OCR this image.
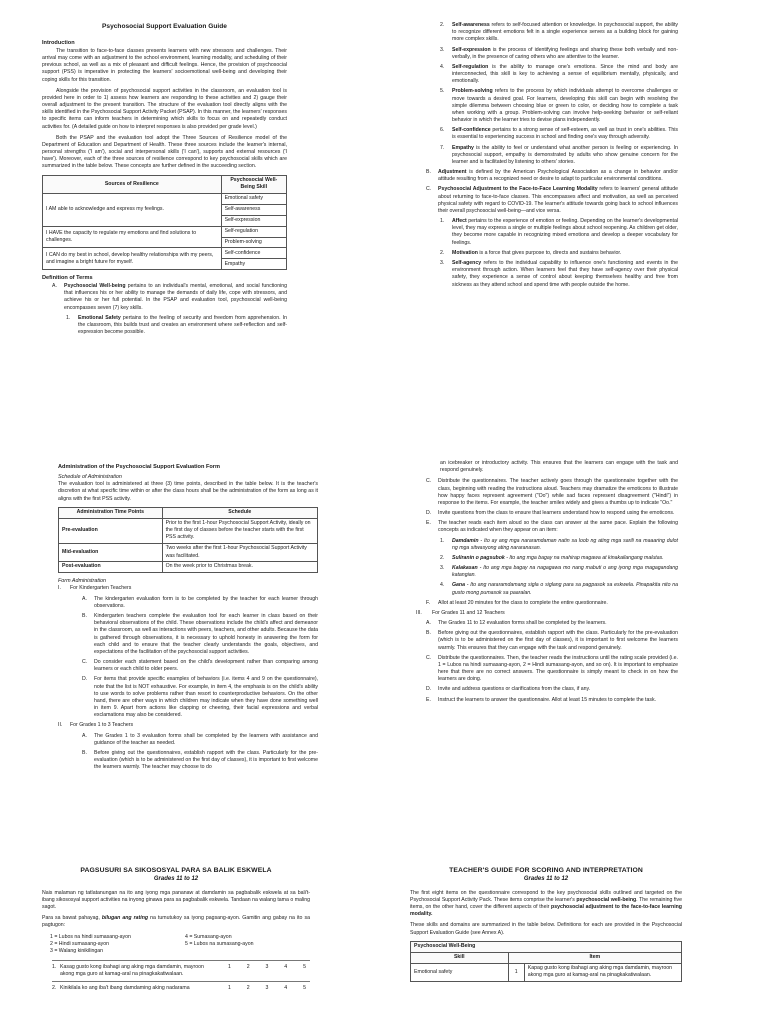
Psychosocial Support Evaluation Guide
Introduction

The transition to face-to-face classes presents learners with new stressors and challenges. Their arrival may come with an adjustment to the school environment, learning modality, and scheduling of their previous school, as well as a mix of pleasant and difficult feelings. Hence, the provision of psychosocial support (PSS) is imperative in protecting the learners' socioemotional well-being and developing their coping skills for this transition.

Alongside the provision of psychosocial support activities in the classroom, an evaluation tool is provided here in order to 1) assess how learners are responding to these activities and 2) gauge their overall adjustment to the present transition. The structure of the evaluation tool directly aligns with the skills identified in the Psychosocial Support Activity Packet (PSAP). In this manner, the learners' responses to specific items can inform teachers in determining which skills to focus on and repeatedly conduct activities for. (A detailed guide on how to interpret responses is also provided per grade level.)

Both the PSAP and the evaluation tool adopt the Three Sources of Resilience model of the Department of Education and Department of Health. These three sources include the learner's internal, personal strengths ('I am'), social and interpersonal skills ('I can'), supports and external resources ('I have'). Moreover, each of the three sources of resilience correspond to key psychosocial skills which are summarized in the table below. These concepts are further defined in the succeeding section.

Sources of Resilience	Psychosocial Well-Being Skill
I AM able to acknowledge and express my feelings.	Emotional safety
	Self-awareness
	Self-expression
I HAVE the capacity to regulate my emotions and find solutions to challenges.	Self-regulation
	Problem-solving
I CAN do my best in school, develop healthy relationships with my peers, and imagine a bright future for myself.	Self-confidence
	Empathy
Definition of Terms
A.	Psychosocial Well-being pertains to an individual's mental, emotional, and social functioning that influences his or her ability to manage the demands of daily life, cope with stressors, and achieve his or her full potential. In the PSAP and evaluation tool, psychosocial well-being encompasses seven (7) key skills.
1.	Emotional Safety pertains to the feeling of security and freedom from apprehension. In the classroom, this builds trust and creates an environment where self-reflection and self-expression become possible.
2.	Self-awareness refers to self-focused attention or knowledge. In psychosocial support, the ability to recognize different emotions felt in a single experience serves as a building block for gaining more complex skills.
3.	Self-expression is the process of identifying feelings and sharing these both verbally and non-verbally, in the presence of caring others who are attentive to the learner.
4.	Self-regulation is the ability to manage one's emotions. Since the mind and body are interconnected, this skill is key to achieving a sense of equilibrium mentally, physically, and emotionally.
5.	Problem-solving refers to the process by which individuals attempt to overcome challenges or move towards a desired goal. For learners, developing this skill can begin with resolving the simple dilemma between choosing blue or green to color, or deciding how to complete a task when working with a group. Problem-solving can involve help-seeking behavior or self-reliant behavior in which the learner tries to devise plans independently.
6.	Self-confidence pertains to a strong sense of self-esteem, as well as trust in one's abilities. This is essential to experiencing success in school and finding one's way through adversity.
7.	Empathy is the ability to feel or understand what another person is feeling or experiencing. In psychosocial support, empathy is demonstrated by adults who show genuine concern for the learner and is facilitated by listening to others' stories.
B.	Adjustment is defined by the American Psychological Association as a change in behavior and/or attitude resulting from a recognized need or desire to adapt to particular environmental conditions.
C.	Psychosocial Adjustment to the Face-to-Face Learning Modality refers to learners' general attitude about returning to face-to-face classes. This encompasses affect and motivation, as well as perceived physical safety with regard to COVID-19. The learner's attitude towards going back to school influences their overall psychosocial well-being—and vice versa.
1.	Affect pertains to the experience of emotion or feeling. Depending on the learner's developmental level, they may express a single or multiple feelings about school reopening. As children get older, they become more capable in recognizing mixed emotions and develop a deeper vocabulary for feelings.
2.	Motivation is a force that gives purpose to, directs and sustains behavior.
3.	Self-agency refers to the individual capability to influence one's functioning and events in the environment through action. When learners feel that they have self-agency over their physical safety, they experience a sense of control about keeping themselves healthy and free from sickness as they attend school and spend time with people outside the home.
Administration of the Psychosocial Support Evaluation Form
Schedule of Administration

The evaluation tool is administered at three (3) time points, described in the table below. It is the teacher's discretion at what specific time within or after the class hours shall be the administration of the form as long as it aligns with the first PSS activity.

Administration Time Points	Schedule
Pre-evaluation	Prior to the first 1-hour Psychosocial Support Activity, ideally on the first day of classes before the teacher starts with the first PSS activity.
Mid-evaluation	Two weeks after the first 1-hour Psychosocial Support Activity was facilitated.
Post-evaluation	On the week prior to Christmas break.
Form Administration
I.	For Kindergarten Teachers
A.	The kindergarten evaluation form is to be completed by the teacher for each learner through observations.
B.	Kindergarten teachers complete the evaluation tool for each learner in class based on their behavioral observations of the child. These observations include the child's affect and demeanor in the classroom, as well as interactions with peers, teachers, and other adults. Because the data is gathered through observations, it is necessary to uphold honesty in answering the form for each child and to ensure that the teacher clearly understands the goals, objectives, and expectations of the facilitation of the psychosocial support activities.
C.	Do consider each statement based on the child's development rather than comparing among learners or each child to older peers.
D.	For items that provide specific examples of behaviors (i.e. items 4 and 9 on the questionnaire), note that the list is NOT exhaustive. For example, in item 4, the emphasis is on the child's ability to use words to solve problems rather than resort to counterproductive behaviors. On the other hand, there are other ways in which children may indicate when they have done something well in item 9. Apart from actions like clapping or cheering, their facial expressions and verbal exclamations may also be considered.
II.	For Grades 1 to 3 Teachers
A.	The Grades 1 to 3 evaluation forms shall be completed by the learners with assistance and guidance of the teacher as needed.
B.	Before giving out the questionnaires, establish rapport with the class. Particularly for the pre-evaluation (which is to be administered on the first day of classes), it is important to first welcome the learners warmly. The teacher may choose to do

an icebreaker or introductory activity. This ensures that the learners can engage with the task and respond genuinely.

C.	Distribute the questionnaires. The teacher actively goes through the questionnaire together with the class, beginning with reading the instructions aloud. Teachers may dramatize the emoticons to illustrate how happy faces represent agreement ("Oo") while sad faces represent disagreement ("Hindi") in response to the items. For example, the teacher smiles widely and gives a thumbs up to indicate "Oo."
D.	Invite questions from the class to ensure that learners understand how to respond using the emoticons.
E.	The teacher reads each item aloud so the class can answer at the same pace. Explain the following concepts as indicated when they appear on an item:
1.	Damdamin - Ito ay ang mga nararamdaman natin sa loob ng ating mga sarili na maaaring dulot ng mga sitwasyong ating nararanasan.
2.	Suliranin o pagsubok - Ito ang mga bagay na mahirap magawa at kinakailangang malutas.
3.	Kalakasan - Ito ang mga bagay na nagagawa mo nang mabuti o ang iyong mga magagandang katangian.
4.	Gana - Ito ang nararamdamang sigla o siglang para sa pagpasok sa eskwela. Pinapakita nito na gusto mong pumasok sa paaralan.
F.	Allot at least 20 minutes for the class to complete the entire questionnaire.
III.	For Grades 11 and 12 Teachers
A.	The Grades 11 to 12 evaluation forms shall be completed by the learners.
B.	Before giving out the questionnaires, establish rapport with the class. Particularly for the pre-evaluation (which is to be administered on the first day of classes), it is important to first welcome the learners warmly. This ensures that they can engage with the task and respond genuinely.
C.	Distribute the questionnaires. Then, the teacher reads the instructions until the rating scale provided (i.e. 1 = Lubos na hindi sumasang-ayon, 2 = Hindi sumasang-ayon, and so on). It is important to emphasize here that there are no correct answers. The questionnaire is simply meant to check in on how the learners are doing.
D.	Invite and address questions or clarifications from the class, if any.
E.	Instruct the learners to answer the questionnaire. Allot at least 15 minutes to complete the task.
PAGSUSURI SA SIKOSOSYAL PARA SA BALIK ESKWELA
Grades 11 to 12

Nais malaman ng tatlatanungan na ito ang iyong mga pananaw at damdamin sa pagbabalik eskwela at sa bali't-ibang sikososyal support activities na inyong ginawa para sa pagbabalik eskwela. Tandaan na walang tama o maling sagot.

Para sa bawat pahayag, bilugan ang rating na tumutukoy sa iyong pagsang-ayon. Gamitin ang gabay na ito sa pagtugon:

1 = Lubos na hindi sumasang-ayon	4 = Sumasang-ayon
2 = Hindi sumasang-ayon	5 = Lubos na sumasang-ayon
3 = Walang kinikilingan
1. Kasag gusto kong ibahagi ang aking mga damdamin, mayroon akong mga guro at kamag-aral na pinagkakatiwalaan.
1	2	3	4	5
2. Kinikilala ko ang iba't ibang damdaming aking nadarama	1	2	3	4	5
TEACHER'S GUIDE FOR SCORING AND INTERPRETATION
Grades 11 to 12

The first eight items on the questionnaire correspond to the key psychosocial skills outlined and targeted on the Psychosocial Support Activity Pack. These items comprise the learner's psychosocial well-being. The remaining five items, on the other hand, cover the different aspects of their psychosocial adjustment to the face-to-face learning modality.

These skills and domains are summarized in the table below. Definitions for each are provided in the Psychosocial Support Evaluation Guide (see Annex A).

Psychosocial Well-Being		
Skill	Item	
Emotional safety	1	Kapag gusto kong ibahagi ang aking mga damdamin, mayroon akong mga guro at kamag-aral na pinagkakatiwalaan.
